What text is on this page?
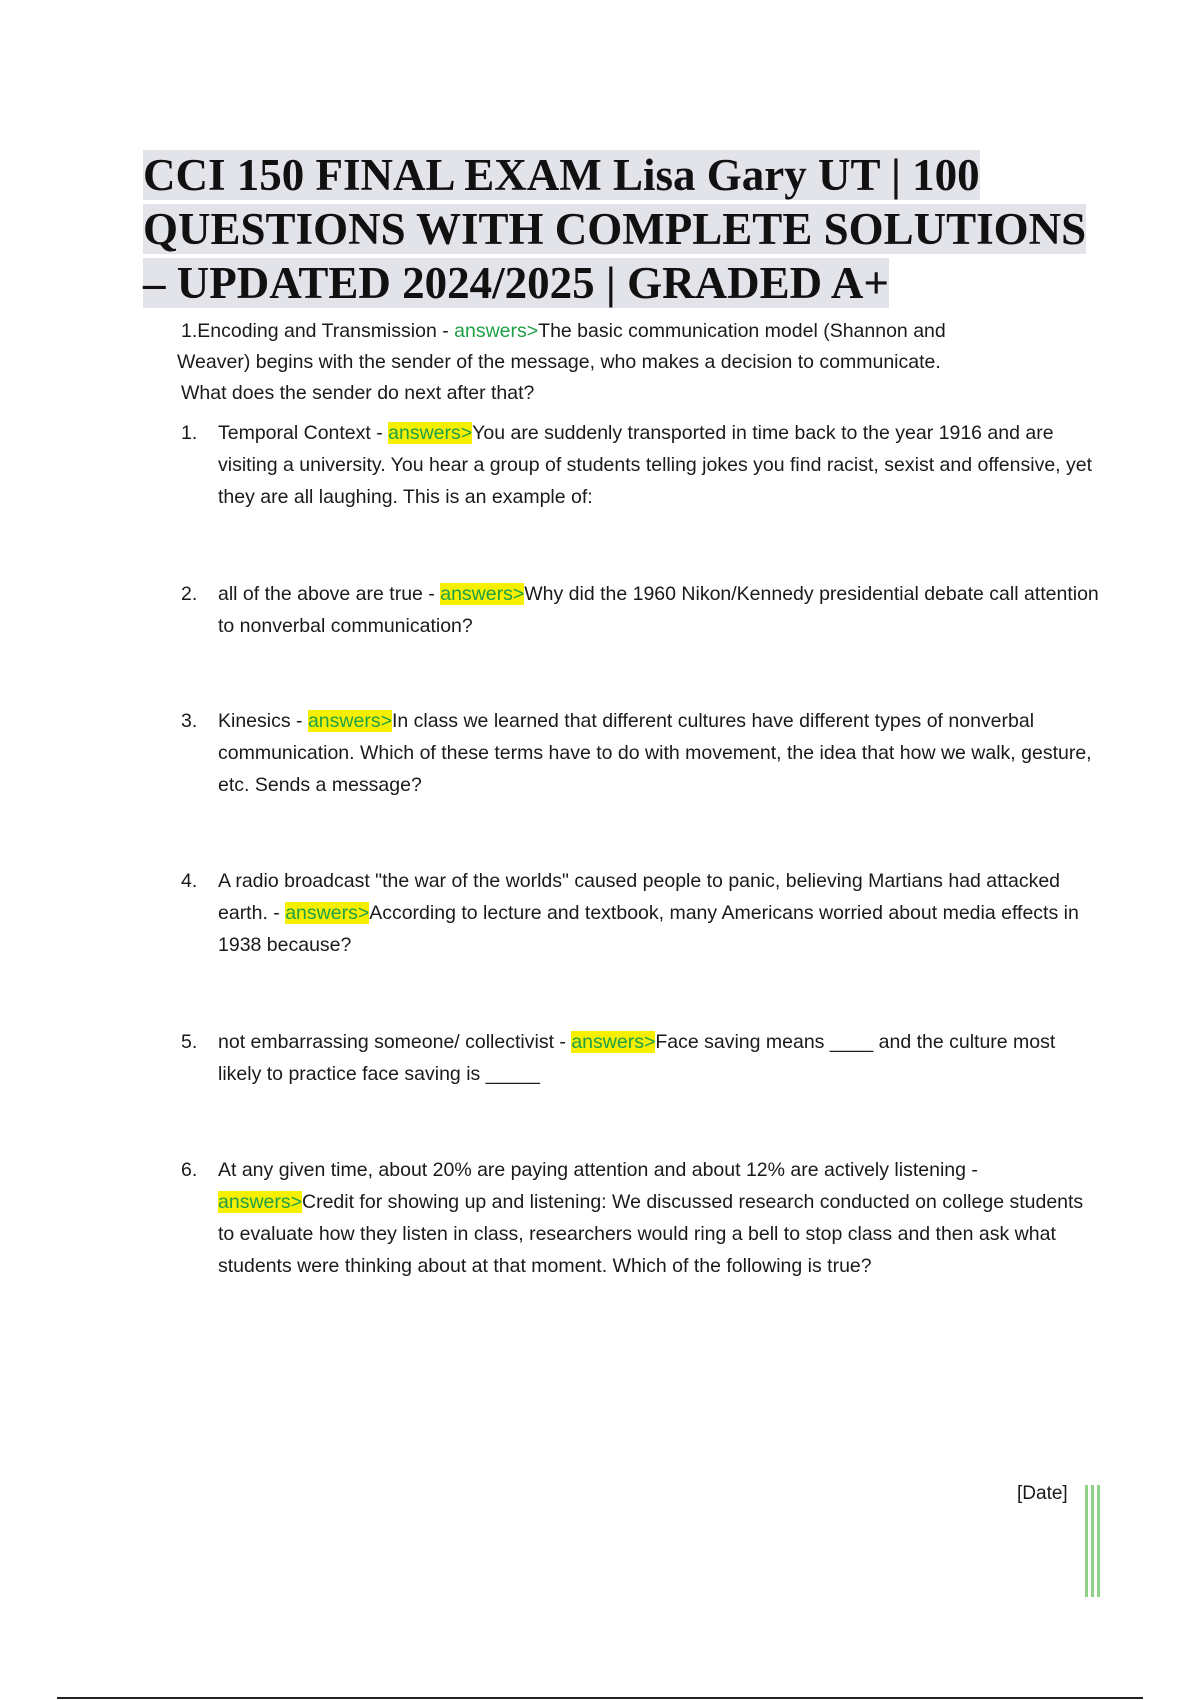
CCI 150 FINAL EXAM Lisa Gary UT | 100
QUESTIONS WITH COMPLETE SOLUTIONS
– UPDATED 2024/2025 | GRADED A+
1.Encoding and Transmission - answers>The basic communication model (Shannon and
Weaver) begins with the sender of the message, who makes a decision to communicate.
What does the sender do next after that?
1. Temporal Context - answers>You are suddenly transported in time back to the year 1916 and are visiting a university. You hear a group of students telling jokes you find racist, sexist and offensive, yet they are all laughing. This is an example of:
2. all of the above are true - answers>Why did the 1960 Nikon/Kennedy presidential debate call attention to nonverbal communication?
3. Kinesics - answers>In class we learned that different cultures have different types of nonverbal communication. Which of these terms have to do with movement, the idea that how we walk, gesture, etc. Sends a message?
4. A radio broadcast "the war of the worlds" caused people to panic, believing Martians had attacked earth. - answers>According to lecture and textbook, many Americans worried about media effects in 1938 because?
5. not embarrassing someone/ collectivist - answers>Face saving means ____ and the culture most likely to practice face saving is _____
6. At any given time, about 20% are paying attention and about 12% are actively listening - answers>Credit for showing up and listening: We discussed research conducted on college students to evaluate how they listen in class, researchers would ring a bell to stop class and then ask what students were thinking about at that moment. Which of the following is true?
[Date]
